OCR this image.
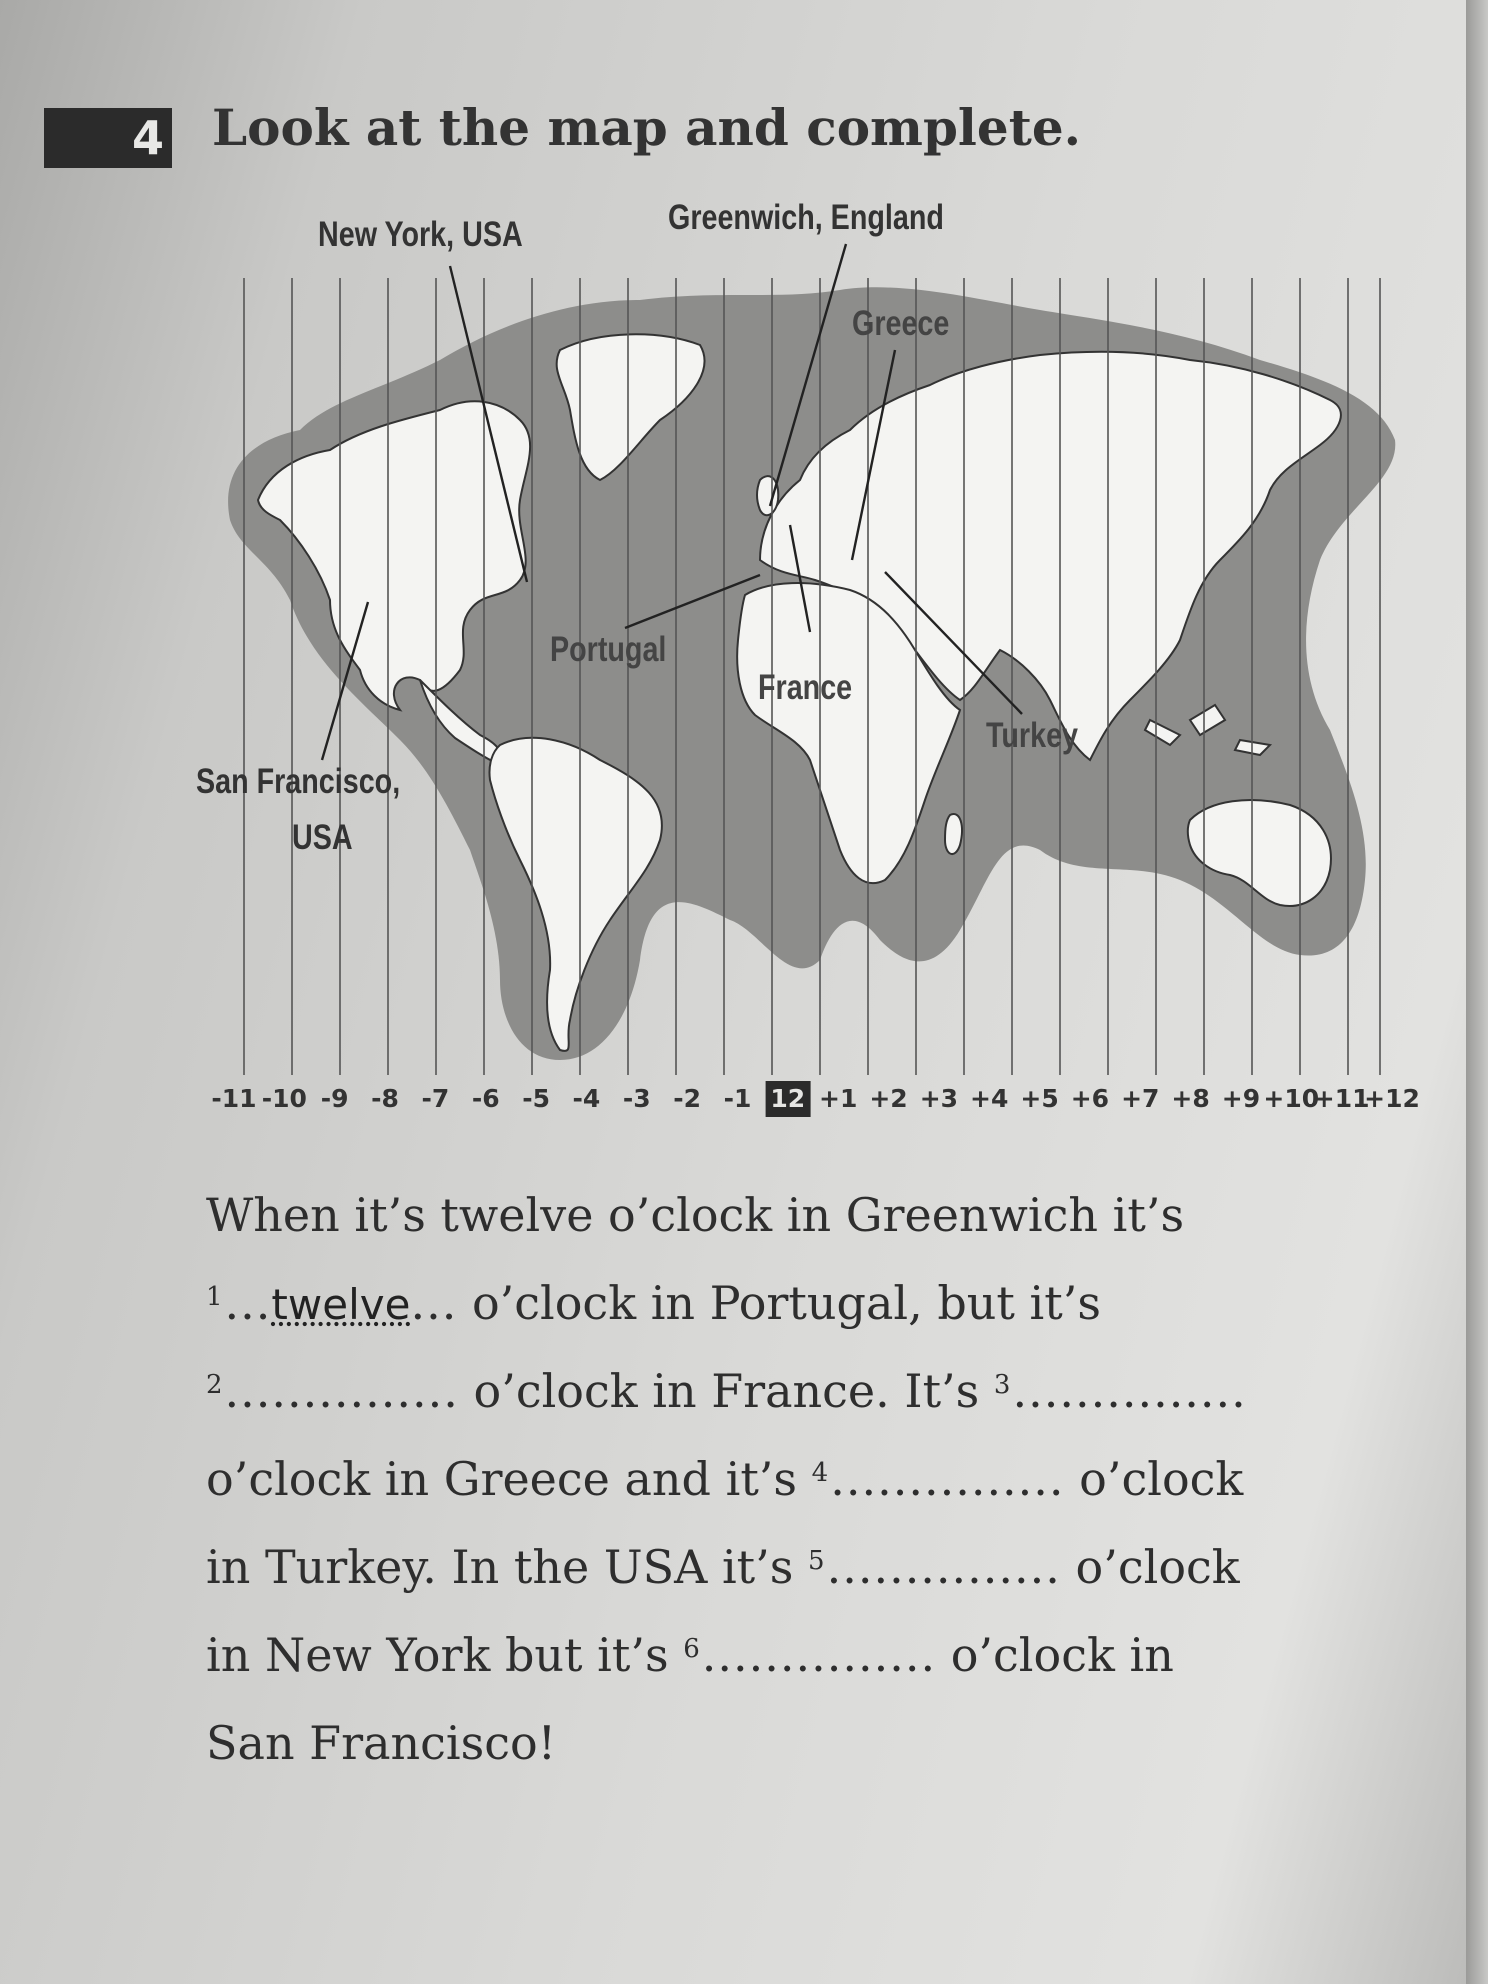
4 Look at the map and complete.
New York, USA	Greenwich, England
Greece
Portugal
France
Turkey
San Francisco,
USA
-11 -10 -9 -8 -7 -6 -5 -4 -3 -2 -1 12 +1 +2 +3 +4 +5 +6 +7 +8 +9 +10
+11
+12
When it’s twelve o’clock in Greenwich it’s
$^1$...twelve... o’clock in Portugal, but it’s
$^2$............... o’clock in France. It’s $^3$...............
o’clock in Greece and it’s $^4$............... o’clock
in Turkey. In the USA it’s $^5$............... o’clock
in New York but it’s $^6$............... o’clock in
San Francisco!
